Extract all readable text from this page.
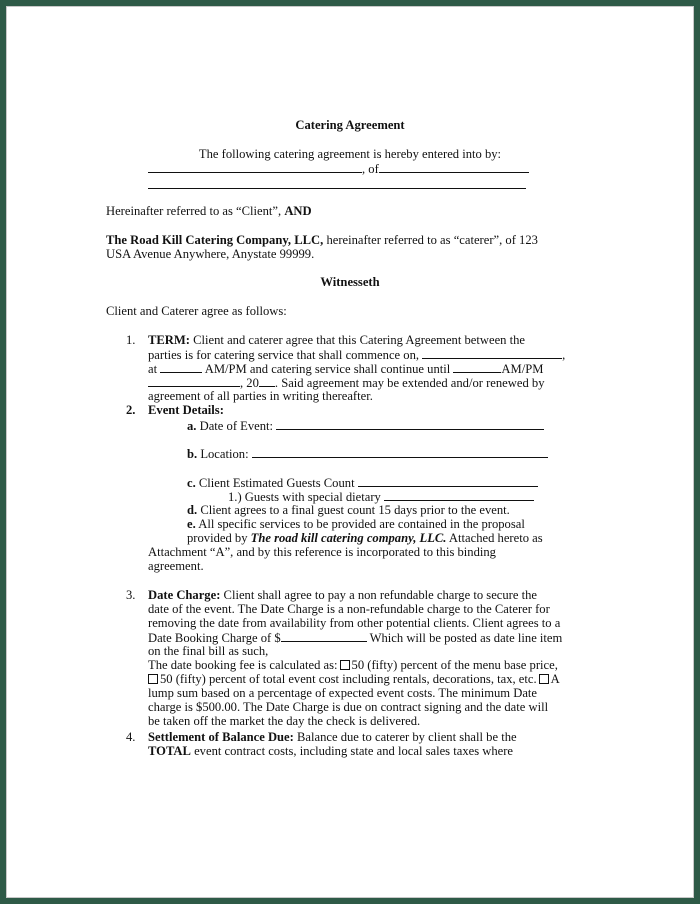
Catering Agreement
The following catering agreement is hereby entered into by:
, of
Hereinafter referred to as “Client”, AND
The Road Kill Catering Company, LLC, hereinafter referred to as “caterer”, of 123
USA Avenue Anywhere, Anystate 99999.
Witnesseth
Client and Caterer agree as follows:
1. TERM: Client and caterer agree that this Catering Agreement between the
parties is for catering service that shall commence on,	,
at	AM/PM and catering service shall continue until	AM/PM
, 20 . Said agreement may be extended and/or renewed by
agreement of all parties in writing thereafter.
2. Event Details:
a. Date of Event:
b. Location:
c. Client Estimated Guests Count
1.) Guests with special dietary
d. Client agrees to a final guest count 15 days prior to the event.
e. All specific services to be provided are contained in the proposal
provided by The road kill catering company, LLC. Attached hereto as
Attachment “A”, and by this reference is incorporated to this binding
agreement.
3. Date Charge: Client shall agree to pay a non refundable charge to secure the
date of the event. The Date Charge is a non-refundable charge to the Caterer for
removing the date from availability from other potential clients. Client agrees to a
Date Booking Charge of $	Which will be posted as date line item
on the final bill as such,
The date booking fee is calculated as: 50 (fifty) percent of the menu base price,
50 (fifty) percent of total event cost including rentals, decorations, tax, etc. A
lump sum based on a percentage of expected event costs. The minimum Date
charge is $500.00. The Date Charge is due on contract signing and the date will
be taken off the market the day the check is delivered.
4. Settlement of Balance Due: Balance due to caterer by client shall be the
TOTAL event contract costs, including state and local sales taxes where
